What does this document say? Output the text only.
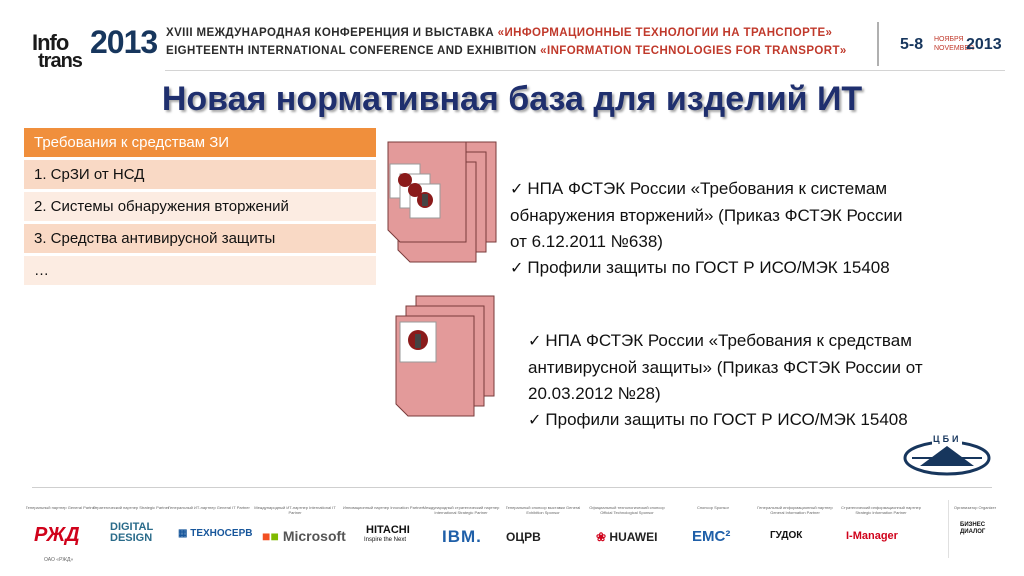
Info
trans
2013 XVIII МЕЖДУНАРОДНАЯ КОНФЕРЕНЦИЯ И ВЫСТАВКА «ИНФОРМАЦИОННЫЕ ТЕХНОЛОГИИ НА ТРАНСПОРТЕ»
EIGHTEENTH INTERNATIONAL CONFERENCE AND EXHIBITION «INFORMATION TECHNOLOGIES FOR TRANSPORT»	5-8 НОЯБРЯ
NOVEMBER
2013
Новая нормативная база для изделий ИТ
Требования к средствам ЗИ
1. СрЗИ от НСД
2. Системы обнаружения вторжений
3. Средства антивирусной защиты
…
✓ НПА ФСТЭК России «Требования к системам
обнаружения вторжений» (Приказ ФСТЭК России
от 6.12.2011 №638)
✓ Профили защиты по ГОСТ Р ИСО/МЭК 15408
✓ НПА ФСТЭК России «Требования к средствам
антивирусной защиты» (Приказ ФСТЭК России от
20.03.2012 №28)
✓ Профили защиты по ГОСТ Р ИСО/МЭК 15408
ЦБИ
Генеральный партнер General Partner
РЖД
ОАО «РЖД»
Стратегический партнер Strategic Partner
DIGITAL DESIGN
Генеральный ИТ-партнер General IT Partner
▦ ТЕХНОСЕРВ
Международный ИТ-партнер International IT Partner
■■ Microsoft
Инновационный партнер Innovation Partner
HITACHI
Inspire the Next
Международный стратегический партнер International Strategic Partner
IBM.
Генеральный спонсор выставки General Exhibition Sponsor
ОЦРВ
Официальный технологический спонсор Official Technological Sponsor
❀ HUAWEI
Спонсор Sponsor
EMC²
Генеральный информационный партнер General Information Partner
ГУДОК
Стратегический информационный партнер Strategic Information Partner
I-Manager
Организатор Organizer
БИЗНЕС ДИАЛОГ
